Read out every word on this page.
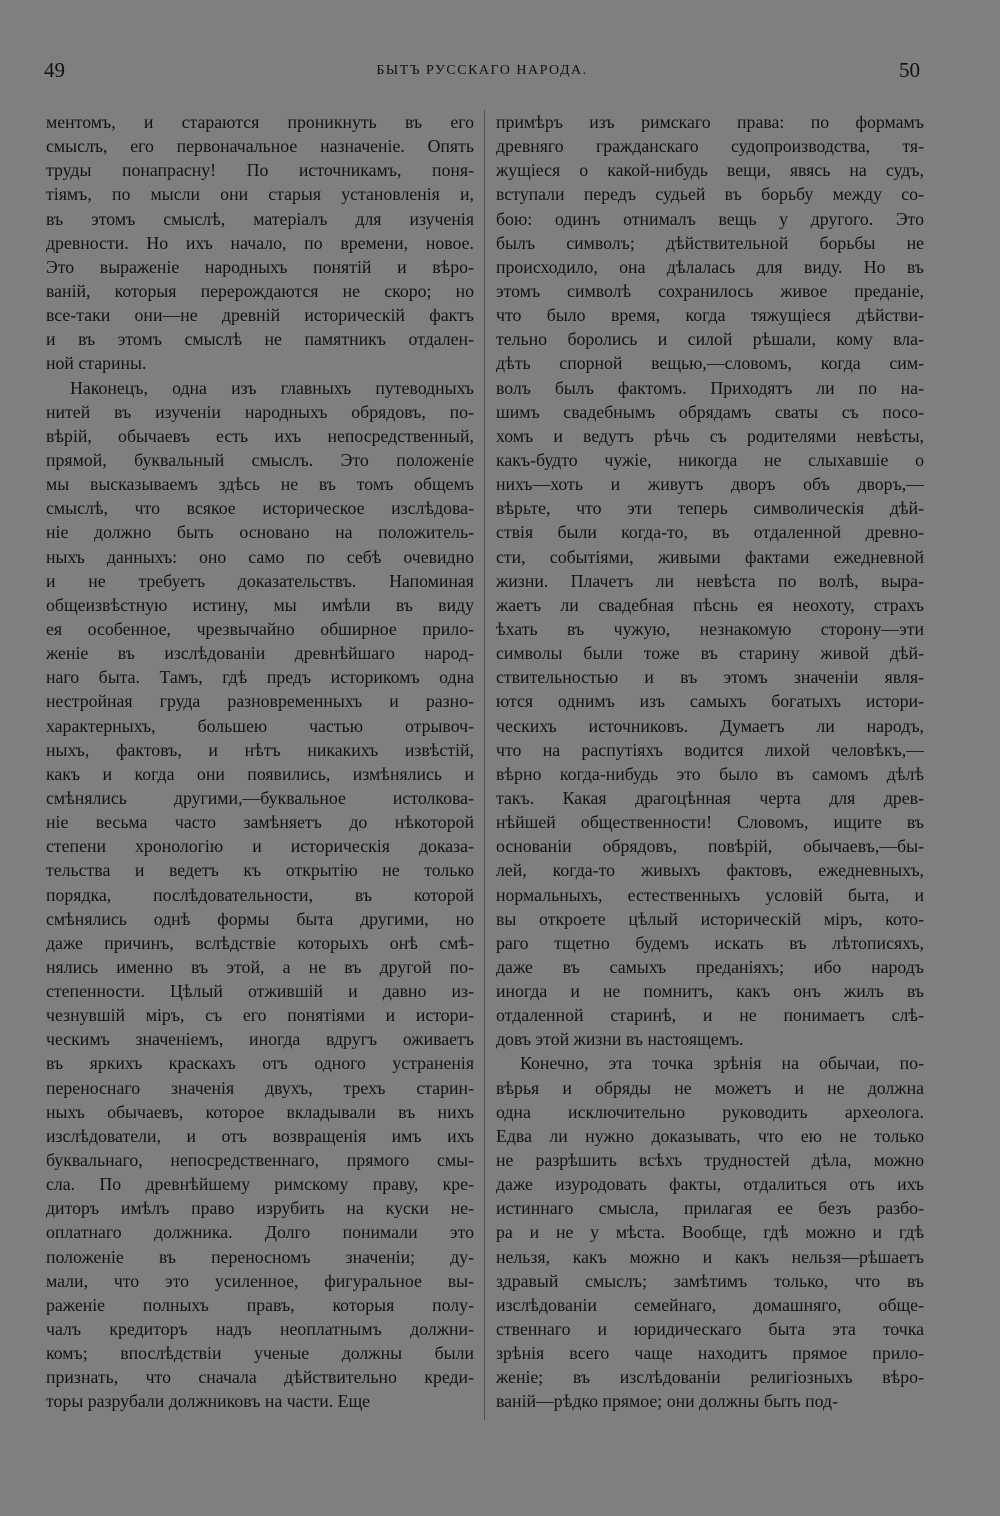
49	БЫТЪ РУССКАГО НАРОДА.	50
ментомъ, и стараются проникнуть въ его
смыслъ, его первоначальное назначеніе. Опять
труды понапрасну! По источникамъ, поня-
тіямъ, по мысли они старыя установленія и,
въ этомъ смыслѣ, матеріалъ для изученія
древности. Но ихъ начало, по времени, новое.
Это выраженіе народныхъ понятій и вѣро-
ваній, которыя перерождаются не скоро; но
все-таки они—не древній историческій фактъ
и въ этомъ смыслѣ не памятникъ отдален-
ной старины.
Наконецъ, одна изъ главныхъ путеводныхъ
нитей въ изученіи народныхъ обрядовъ, по-
вѣрій, обычаевъ есть ихъ непосредственный,
прямой, буквальный смыслъ. Это положеніе
мы высказываемъ здѣсь не въ томъ общемъ
смыслѣ, что всякое историческое изслѣдова-
ніе должно быть основано на положитель-
ныхъ данныхъ: оно само по себѣ очевидно
и не требуетъ доказательствъ. Напоминая
общеизвѣстную истину, мы имѣли въ виду
ея особенное, чрезвычайно обширное прило-
женіе въ изслѣдованіи древнѣйшаго народ-
наго быта. Тамъ, гдѣ предъ историкомъ одна
нестройная груда разновременныхъ и разно-
характерныхъ, большею частью отрывоч-
ныхъ, фактовъ, и нѣтъ никакихъ извѣстій,
какъ и когда они появились, измѣнялись и
смѣнялись другими,—буквальное истолкова-
ніе весьма часто замѣняетъ до нѣкоторой
степени хронологію и историческія доказа-
тельства и ведетъ къ открытію не только
порядка, послѣдовательности, въ которой
смѣнялись однѣ формы быта другими, но
даже причинъ, вслѣдствіе которыхъ онѣ смѣ-
нялись именно въ этой, а не въ другой по-
степенности. Цѣлый отжившій и давно из-
чезнувшій міръ, съ его понятіями и истори-
ческимъ значеніемъ, иногда вдругъ оживаетъ
въ яркихъ краскахъ отъ одного устраненія
переноснаго значенія двухъ, трехъ старин-
ныхъ обычаевъ, которое вкладывали въ нихъ
изслѣдователи, и отъ возвращенія имъ ихъ
буквальнаго, непосредственнаго, прямого смы-
сла. По древнѣйшему римскому праву, кре-
диторъ имѣлъ право изрубить на куски не-
оплатнаго должника. Долго понимали это
положеніе въ переносномъ значеніи; ду-
мали, что это усиленное, фигуральное вы-
раженіе полныхъ правъ, которыя полу-
чалъ кредиторъ надъ неоплатнымъ должни-
комъ; впослѣдствіи ученые должны были
признать, что сначала дѣйствительно креди-
торы разрубали должниковъ на части. Еще
примѣръ изъ римскаго права: по формамъ
древняго гражданскаго судопроизводства, тя-
жущіеся о какой-нибудь вещи, явясь на судъ,
вступали передъ судьей въ борьбу между со-
бою: одинъ отнималъ вещь у другого. Это
былъ символъ; дѣйствительной борьбы не
происходило, она дѣлалась для виду. Но въ
этомъ символѣ сохранилось живое преданіе,
что было время, когда тяжущіеся дѣйстви-
тельно боролись и силой рѣшали, кому вла-
дѣть спорной вещью,—словомъ, когда сим-
волъ былъ фактомъ. Приходятъ ли по на-
шимъ свадебнымъ обрядамъ сваты съ посо-
хомъ и ведутъ рѣчь съ родителями невѣсты,
какъ-будто чужіе, никогда не слыхавшіе о
нихъ—хоть и живутъ дворъ объ дворъ,—
вѣрьте, что эти теперь символическія дѣй-
ствія были когда-то, въ отдаленной древно-
сти, событіями, живыми фактами ежедневной
жизни. Плачетъ ли невѣста по волѣ, выра-
жаетъ ли свадебная пѣснь ея неохоту, страхъ
ѣхать въ чужую, незнакомую сторону—эти
символы были тоже въ старину живой дѣй-
ствительностью и въ этомъ значеніи явля-
ются однимъ изъ самыхъ богатыхъ истори-
ческихъ источниковъ. Думаетъ ли народъ,
что на распутіяхъ водится лихой человѣкъ,—
вѣрно когда-нибудь это было въ самомъ дѣлѣ
такъ. Какая драгоцѣнная черта для древ-
нѣйшей общественности! Словомъ, ищите въ
основаніи обрядовъ, повѣрій, обычаевъ,—бы-
лей, когда-то живыхъ фактовъ, ежедневныхъ,
нормальныхъ, естественныхъ условій быта, и
вы откроете цѣлый историческій міръ, кото-
раго тщетно будемъ искать въ лѣтописяхъ,
даже въ самыхъ преданіяхъ; ибо народъ
иногда и не помнитъ, какъ онъ жилъ въ
отдаленной старинѣ, и не понимаетъ слѣ-
довъ этой жизни въ настоящемъ.
Конечно, эта точка зрѣнія на обычаи, по-
вѣрья и обряды не можетъ и не должна
одна исключительно руководить археолога.
Едва ли нужно доказывать, что ею не только
не разрѣшить всѣхъ трудностей дѣла, можно
даже изуродовать факты, отдалиться отъ ихъ
истиннаго смысла, прилагая ее безъ разбо-
ра и не у мѣста. Вообще, гдѣ можно и гдѣ
нельзя, какъ можно и какъ нельзя—рѣшаетъ
здравый смыслъ; замѣтимъ только, что въ
изслѣдованіи семейнаго, домашняго, обще-
ственнаго и юридическаго быта эта точка
зрѣнія всего чаще находитъ прямое прило-
женіе; въ изслѣдованіи религіозныхъ вѣро-
ваній—рѣдко прямое; они должны быть под-
